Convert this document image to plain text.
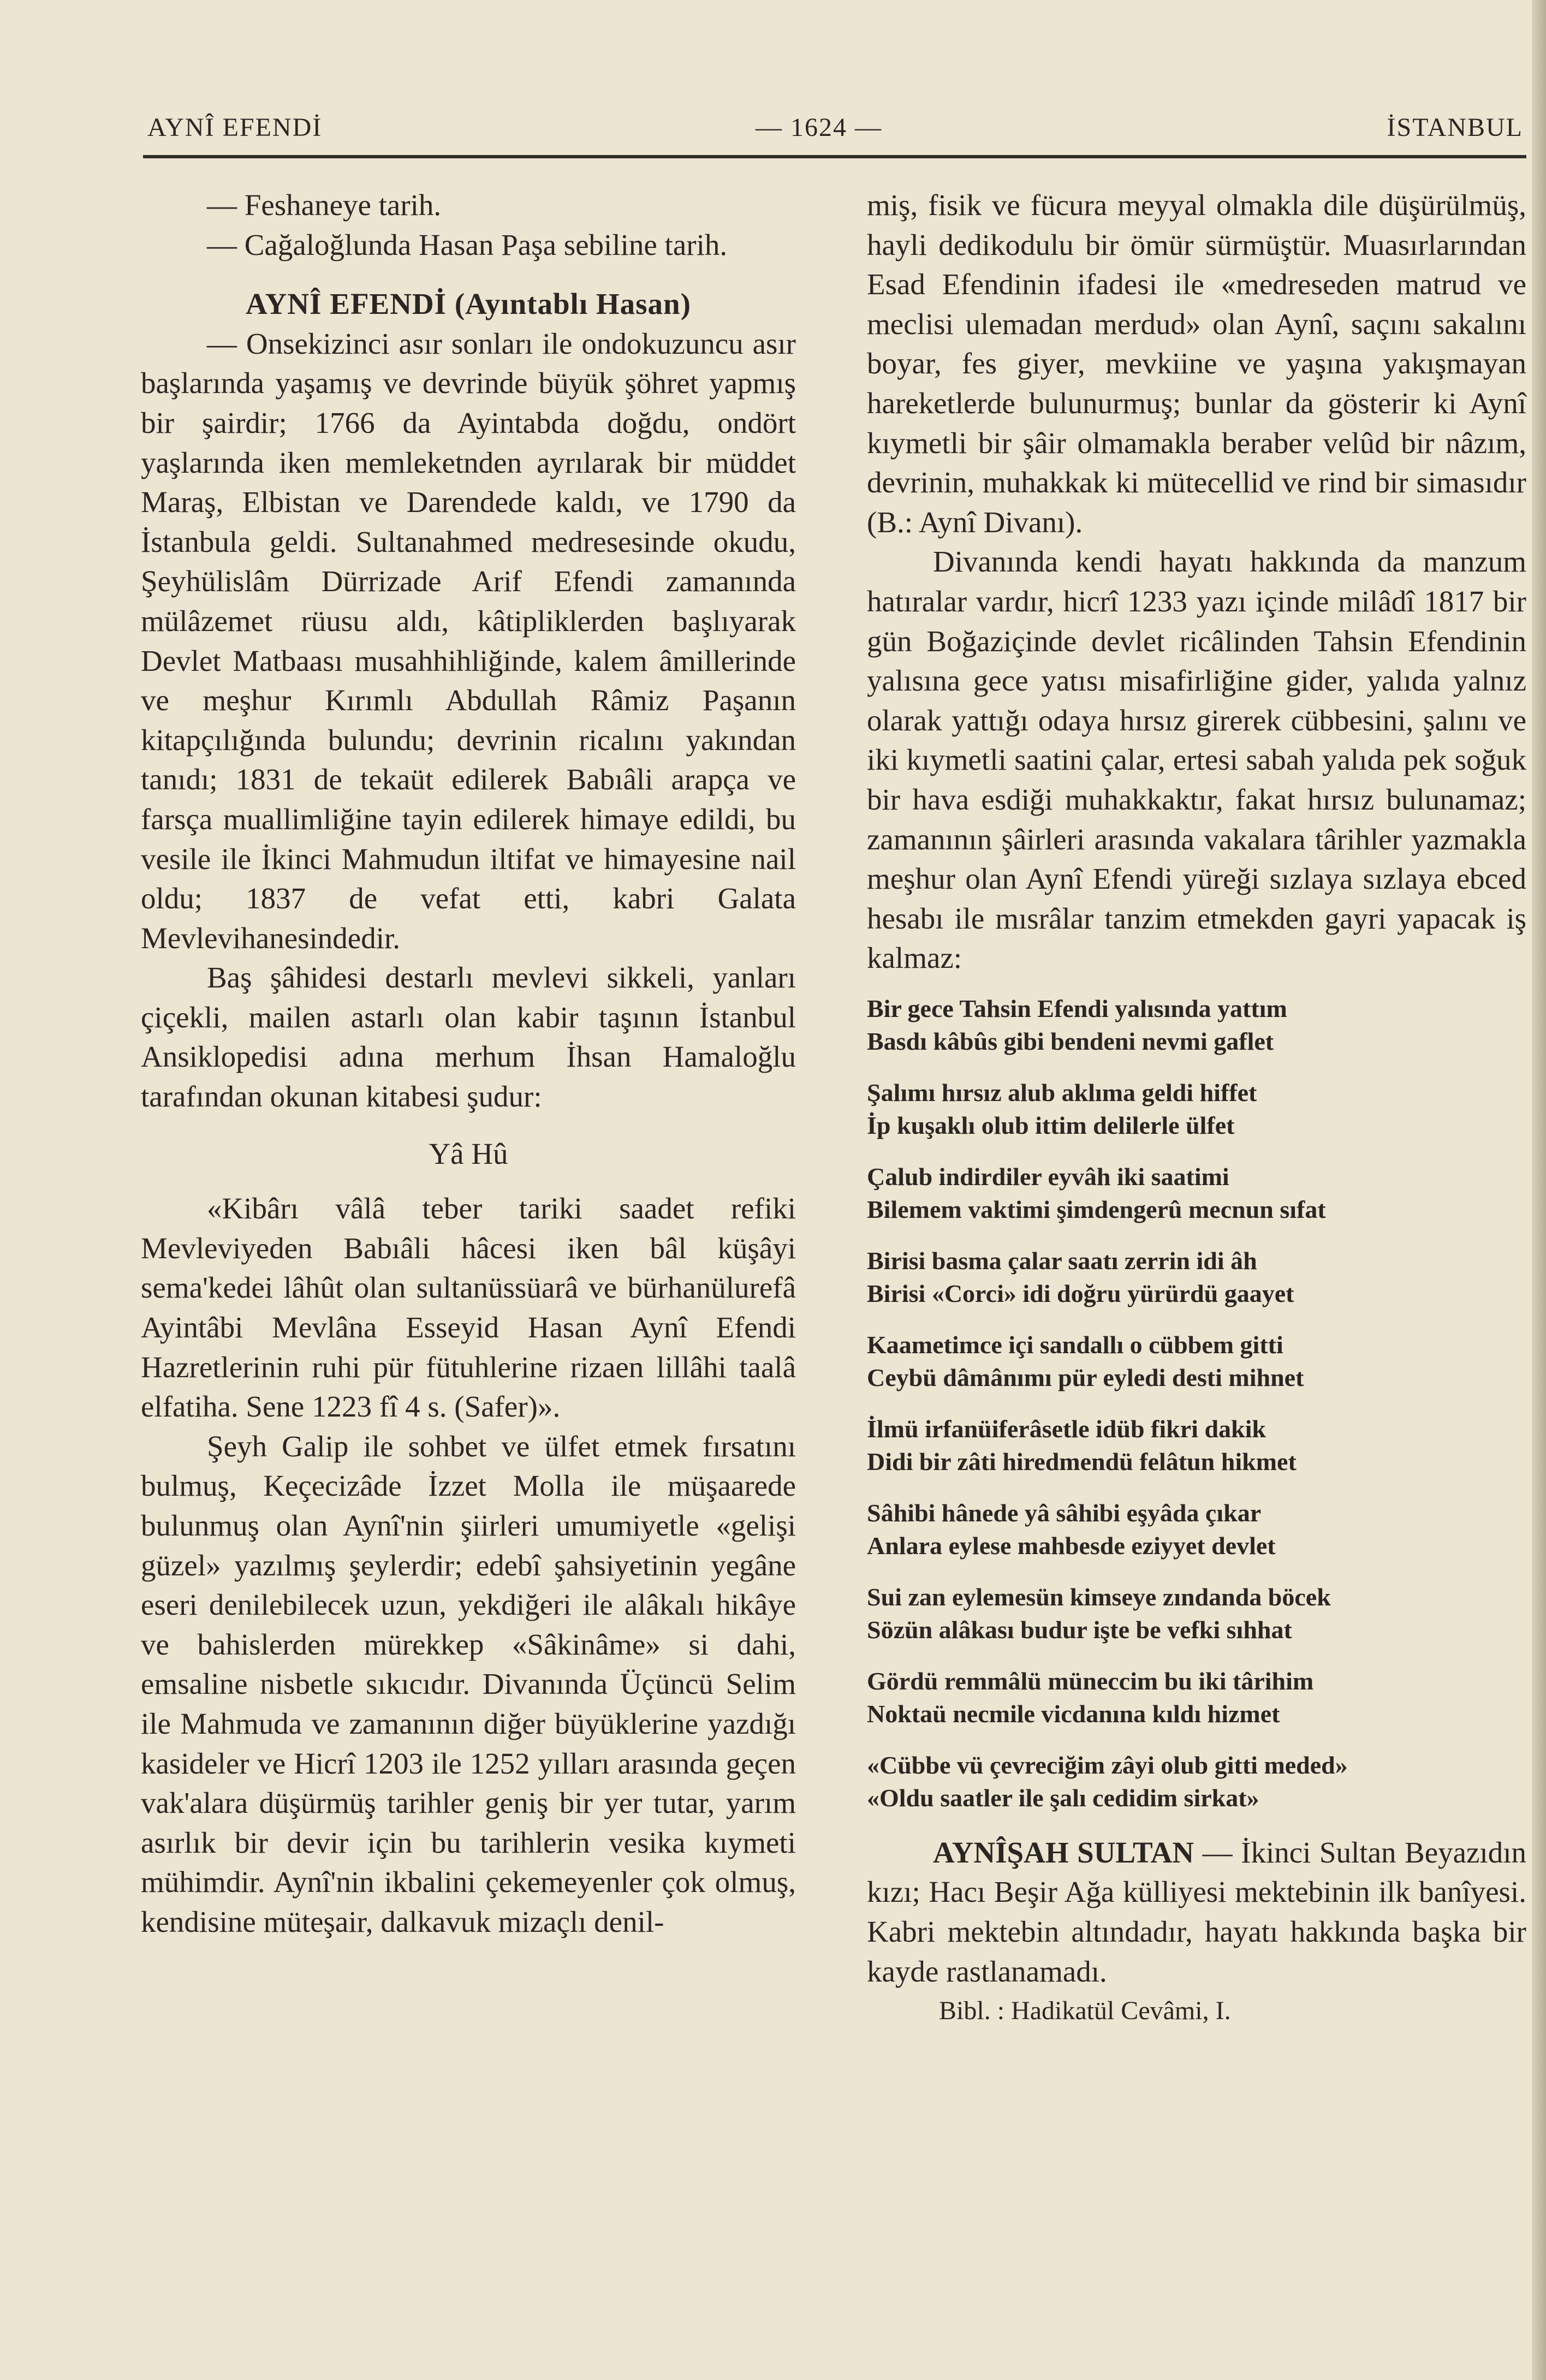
AYNÎ EFENDİ	— 1624 —	İSTANBUL

— Feshaneye tarih.

— Cağaloğlunda Hasan Paşa sebiline tarih.

AYNÎ EFENDİ (Ayıntablı Hasan)

— Onsekizinci asır sonları ile ondokuzuncu asır başlarında yaşamış ve devrinde büyük şöhret yapmış bir şairdir; 1766 da Ayintabda doğdu, ondört yaşlarında iken memleketnden ayrılarak bir müddet Maraş, Elbistan ve Darendede kaldı, ve 1790 da İstanbula geldi. Sultanahmed medresesinde okudu, Şeyhülislâm Dürrizade Arif Efendi zamanında mülâzemet rüusu aldı, kâtipliklerden başlıyarak Devlet Matbaası musahhihliğinde, kalem âmillerinde ve meşhur Kırımlı Abdullah Râmiz Paşanın kitapçılığında bulundu; devrinin ricalını yakından tanıdı; 1831 de tekaüt edilerek Babıâli arapça ve farsça muallimliğine tayin edilerek himaye edildi, bu vesile ile İkinci Mahmudun iltifat ve himayesine nail oldu; 1837 de vefat etti, kabri Galata Mevlevihanesindedir.

Baş şâhidesi destarlı mevlevi sikkeli, yanları çiçekli, mailen astarlı olan kabir taşının İstanbul Ansiklopedisi adına merhum İhsan Hamaloğlu tarafından okunan kitabesi şudur:

Yâ Hû

«Kibârı vâlâ teber tariki saadet refiki Mevleviyeden Babıâli hâcesi iken bâl küşâyi sema'kedei lâhût olan sultanüssüarâ ve bürhanülurefâ Ayintâbi Mevlâna Esseyid Hasan Aynî Efendi Hazretlerinin ruhi pür fütuhlerine rizaen lillâhi taalâ elfatiha. Sene 1223 fî 4 s. (Safer)».

Şeyh Galip ile sohbet ve ülfet etmek fırsatını bulmuş, Keçecizâde İzzet Molla ile müşaarede bulunmuş olan Aynî'nin şiirleri umumiyetle «gelişi güzel» yazılmış şeylerdir; edebî şahsiyetinin yegâne eseri denilebilecek uzun, yekdiğeri ile alâkalı hikâye ve bahislerden mürekkep «Sâkinâme» si dahi, emsaline nisbetle sıkıcıdır. Divanında Üçüncü Selim ile Mahmuda ve zamanının diğer büyüklerine yazdığı kasideler ve Hicrî 1203 ile 1252 yılları arasında geçen vak'alara düşürmüş tarihler geniş bir yer tutar, yarım asırlık bir devir için bu tarihlerin vesika kıymeti mühimdir. Aynî'nin ikbalini çekemeyenler çok olmuş, kendisine müteşair, dalkavuk mizaçlı denil-

miş, fisik ve fücura meyyal olmakla dile düşürülmüş, hayli dedikodulu bir ömür sürmüştür. Muasırlarından Esad Efendinin ifadesi ile «medreseden matrud ve meclisi ulemadan merdud» olan Aynî, saçını sakalını boyar, fes giyer, mevkiine ve yaşına yakışmayan hareketlerde bulunurmuş; bunlar da gösterir ki Aynî kıymetli bir şâir olmamakla beraber velûd bir nâzım, devrinin, muhakkak ki mütecellid ve rind bir simasıdır (B.: Aynî Divanı).

Divanında kendi hayatı hakkında da manzum hatıralar vardır, hicrî 1233 yazı içinde milâdî 1817 bir gün Boğaziçinde devlet ricâlinden Tahsin Efendinin yalısına gece yatısı misafirliğine gider, yalıda yalnız olarak yattığı odaya hırsız girerek cübbesini, şalını ve iki kıymetli saatini çalar, ertesi sabah yalıda pek soğuk bir hava esdiği muhakkaktır, fakat hırsız bulunamaz; zamanının şâirleri arasında vakalara târihler yazmakla meşhur olan Aynî Efendi yüreği sızlaya sızlaya ebced hesabı ile mısrâlar tanzim etmekden gayri yapacak iş kalmaz:

Bir gece Tahsin Efendi yalısında yattım
Basdı kâbûs gibi bendeni nevmi gaflet
Şalımı hırsız alub aklıma geldi hiffet
İp kuşaklı olub ittim delilerle ülfet
Çalub indirdiler eyvâh iki saatimi
Bilemem vaktimi şimdengerû mecnun sıfat
Birisi basma çalar saatı zerrin idi âh
Birisi «Corci» idi doğru yürürdü gaayet
Kaametimce içi sandallı o cübbem gitti
Ceybü dâmânımı pür eyledi desti mihnet
İlmü irfanüiferâsetle idüb fikri dakik
Didi bir zâti hiredmendü felâtun hikmet
Sâhibi hânede yâ sâhibi eşyâda çıkar
Anlara eylese mahbesde eziyyet devlet
Sui zan eylemesün kimseye zındanda böcek
Sözün alâkası budur işte be vefki sıhhat
Gördü remmâlü müneccim bu iki târihim
Noktaü necmile vicdanına kıldı hizmet
«Cübbe vü çevreciğim zâyi olub gitti meded»
«Oldu saatler ile şalı cedidim sirkat»

AYNÎŞAH SULTAN — İkinci Sultan Beyazıdın kızı; Hacı Beşir Ağa külliyesi mektebinin ilk banîyesi. Kabri mektebin altındadır, hayatı hakkında başka bir kayde rastlanamadı.

Bibl. : Hadikatül Cevâmi, I.
